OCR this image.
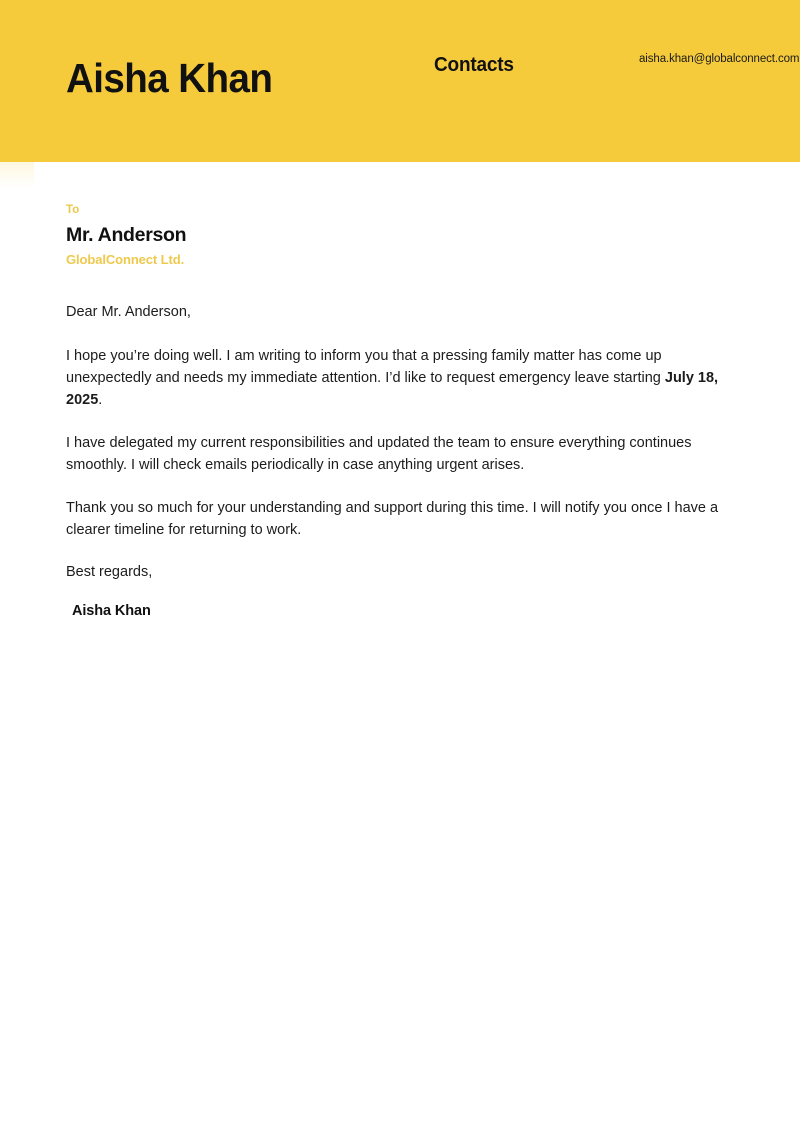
Aisha Khan	Contacts	aisha.khan@globalconnect.com
To
Mr. Anderson
GlobalConnect Ltd.

Dear Mr. Anderson,

I hope you’re doing well. I am writing to inform you that a pressing family matter has come up unexpectedly and needs my immediate attention. I’d like to request emergency leave starting July 18, 2025.

I have delegated my current responsibilities and updated the team to ensure everything continues smoothly. I will check emails periodically in case anything urgent arises.

Thank you so much for your understanding and support during this time. I will notify you once I have a clearer timeline for returning to work.

Best regards,

Aisha Khan
